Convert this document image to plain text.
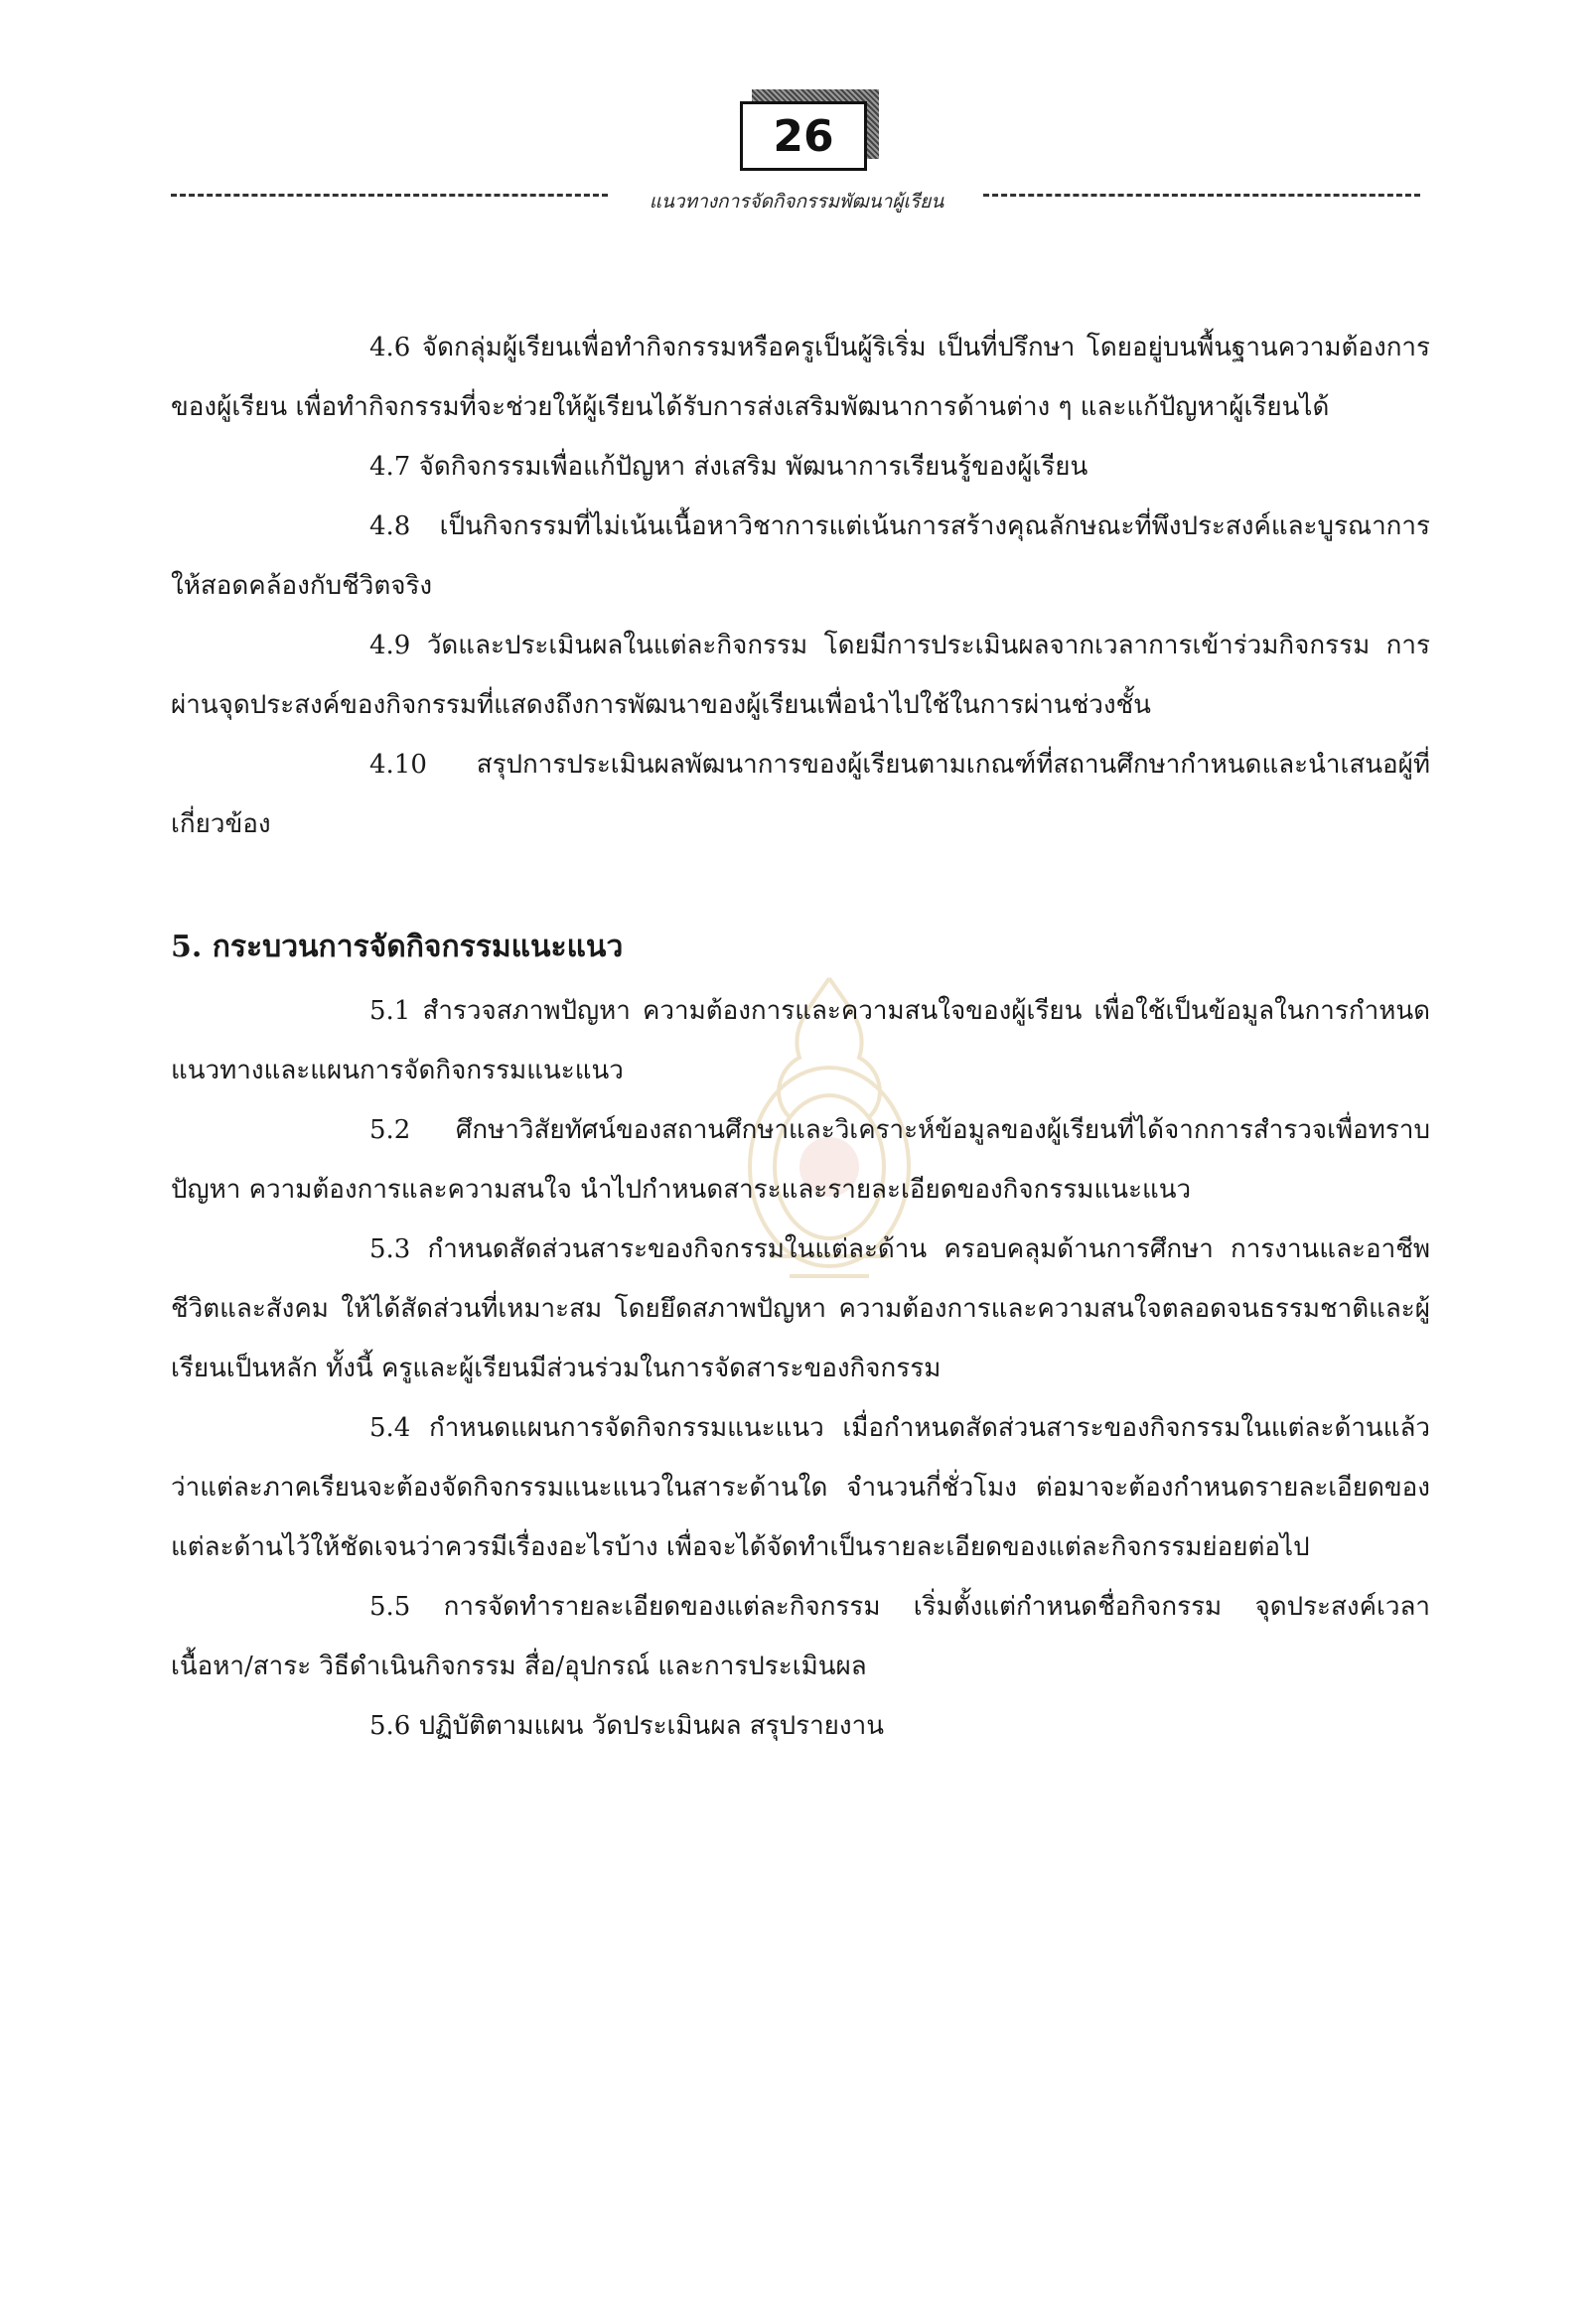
26
แนวทางการจัดกิจกรรมพัฒนาผู้เรียน

4.6 จัดกลุ่มผู้เรียนเพื่อทำกิจกรรมหรือครูเป็นผู้ริเริ่ม เป็นที่ปรึกษา โดยอยู่บนพื้นฐานความต้องการของผู้เรียน เพื่อทำกิจกรรมที่จะช่วยให้ผู้เรียนได้รับการส่งเสริมพัฒนาการด้านต่าง ๆ และแก้ปัญหาผู้เรียนได้

4.7 จัดกิจกรรมเพื่อแก้ปัญหา ส่งเสริม พัฒนาการเรียนรู้ของผู้เรียน

4.8 เป็นกิจกรรมที่ไม่เน้นเนื้อหาวิชาการแต่เน้นการสร้างคุณลักษณะที่พึงประสงค์และบูรณาการให้สอดคล้องกับชีวิตจริง

4.9 วัดและประเมินผลในแต่ละกิจกรรม โดยมีการประเมินผลจากเวลาการเข้าร่วมกิจกรรม การผ่านจุดประสงค์ของกิจกรรมที่แสดงถึงการพัฒนาของผู้เรียนเพื่อนำไปใช้ในการผ่านช่วงชั้น

4.10 สรุปการประเมินผลพัฒนาการของผู้เรียนตามเกณฑ์ที่สถานศึกษากำหนดและนำเสนอผู้ที่เกี่ยวข้อง

5. กระบวนการจัดกิจกรรมแนะแนว

5.1 สำรวจสภาพปัญหา ความต้องการและความสนใจของผู้เรียน เพื่อใช้เป็นข้อมูลในการกำหนดแนวทางและแผนการจัดกิจกรรมแนะแนว

5.2 ศึกษาวิสัยทัศน์ของสถานศึกษาและวิเคราะห์ข้อมูลของผู้เรียนที่ได้จากการสำรวจเพื่อทราบปัญหา ความต้องการและความสนใจ นำไปกำหนดสาระและรายละเอียดของกิจกรรมแนะแนว

5.3 กำหนดสัดส่วนสาระของกิจกรรมในแต่ละด้าน ครอบคลุมด้านการศึกษา การงานและอาชีพ ชีวิตและสังคม ให้ได้สัดส่วนที่เหมาะสม โดยยึดสภาพปัญหา ความต้องการและความสนใจตลอดจนธรรมชาติและผู้เรียนเป็นหลัก ทั้งนี้ ครูและผู้เรียนมีส่วนร่วมในการจัดสาระของกิจกรรม

5.4 กำหนดแผนการจัดกิจกรรมแนะแนว เมื่อกำหนดสัดส่วนสาระของกิจกรรมในแต่ละด้านแล้วว่าแต่ละภาคเรียนจะต้องจัดกิจกรรมแนะแนวในสาระด้านใด จำนวนกี่ชั่วโมง ต่อมาจะต้องกำหนดรายละเอียดของแต่ละด้านไว้ให้ชัดเจนว่าควรมีเรื่องอะไรบ้าง เพื่อจะได้จัดทำเป็นรายละเอียดของแต่ละกิจกรรมย่อยต่อไป

5.5 การจัดทำรายละเอียดของแต่ละกิจกรรม เริ่มตั้งแต่กำหนดชื่อกิจกรรม จุดประสงค์เวลาเนื้อหา/สาระ วิธีดำเนินกิจกรรม สื่อ/อุปกรณ์ และการประเมินผล

5.6 ปฏิบัติตามแผน วัดประเมินผล สรุปรายงาน
